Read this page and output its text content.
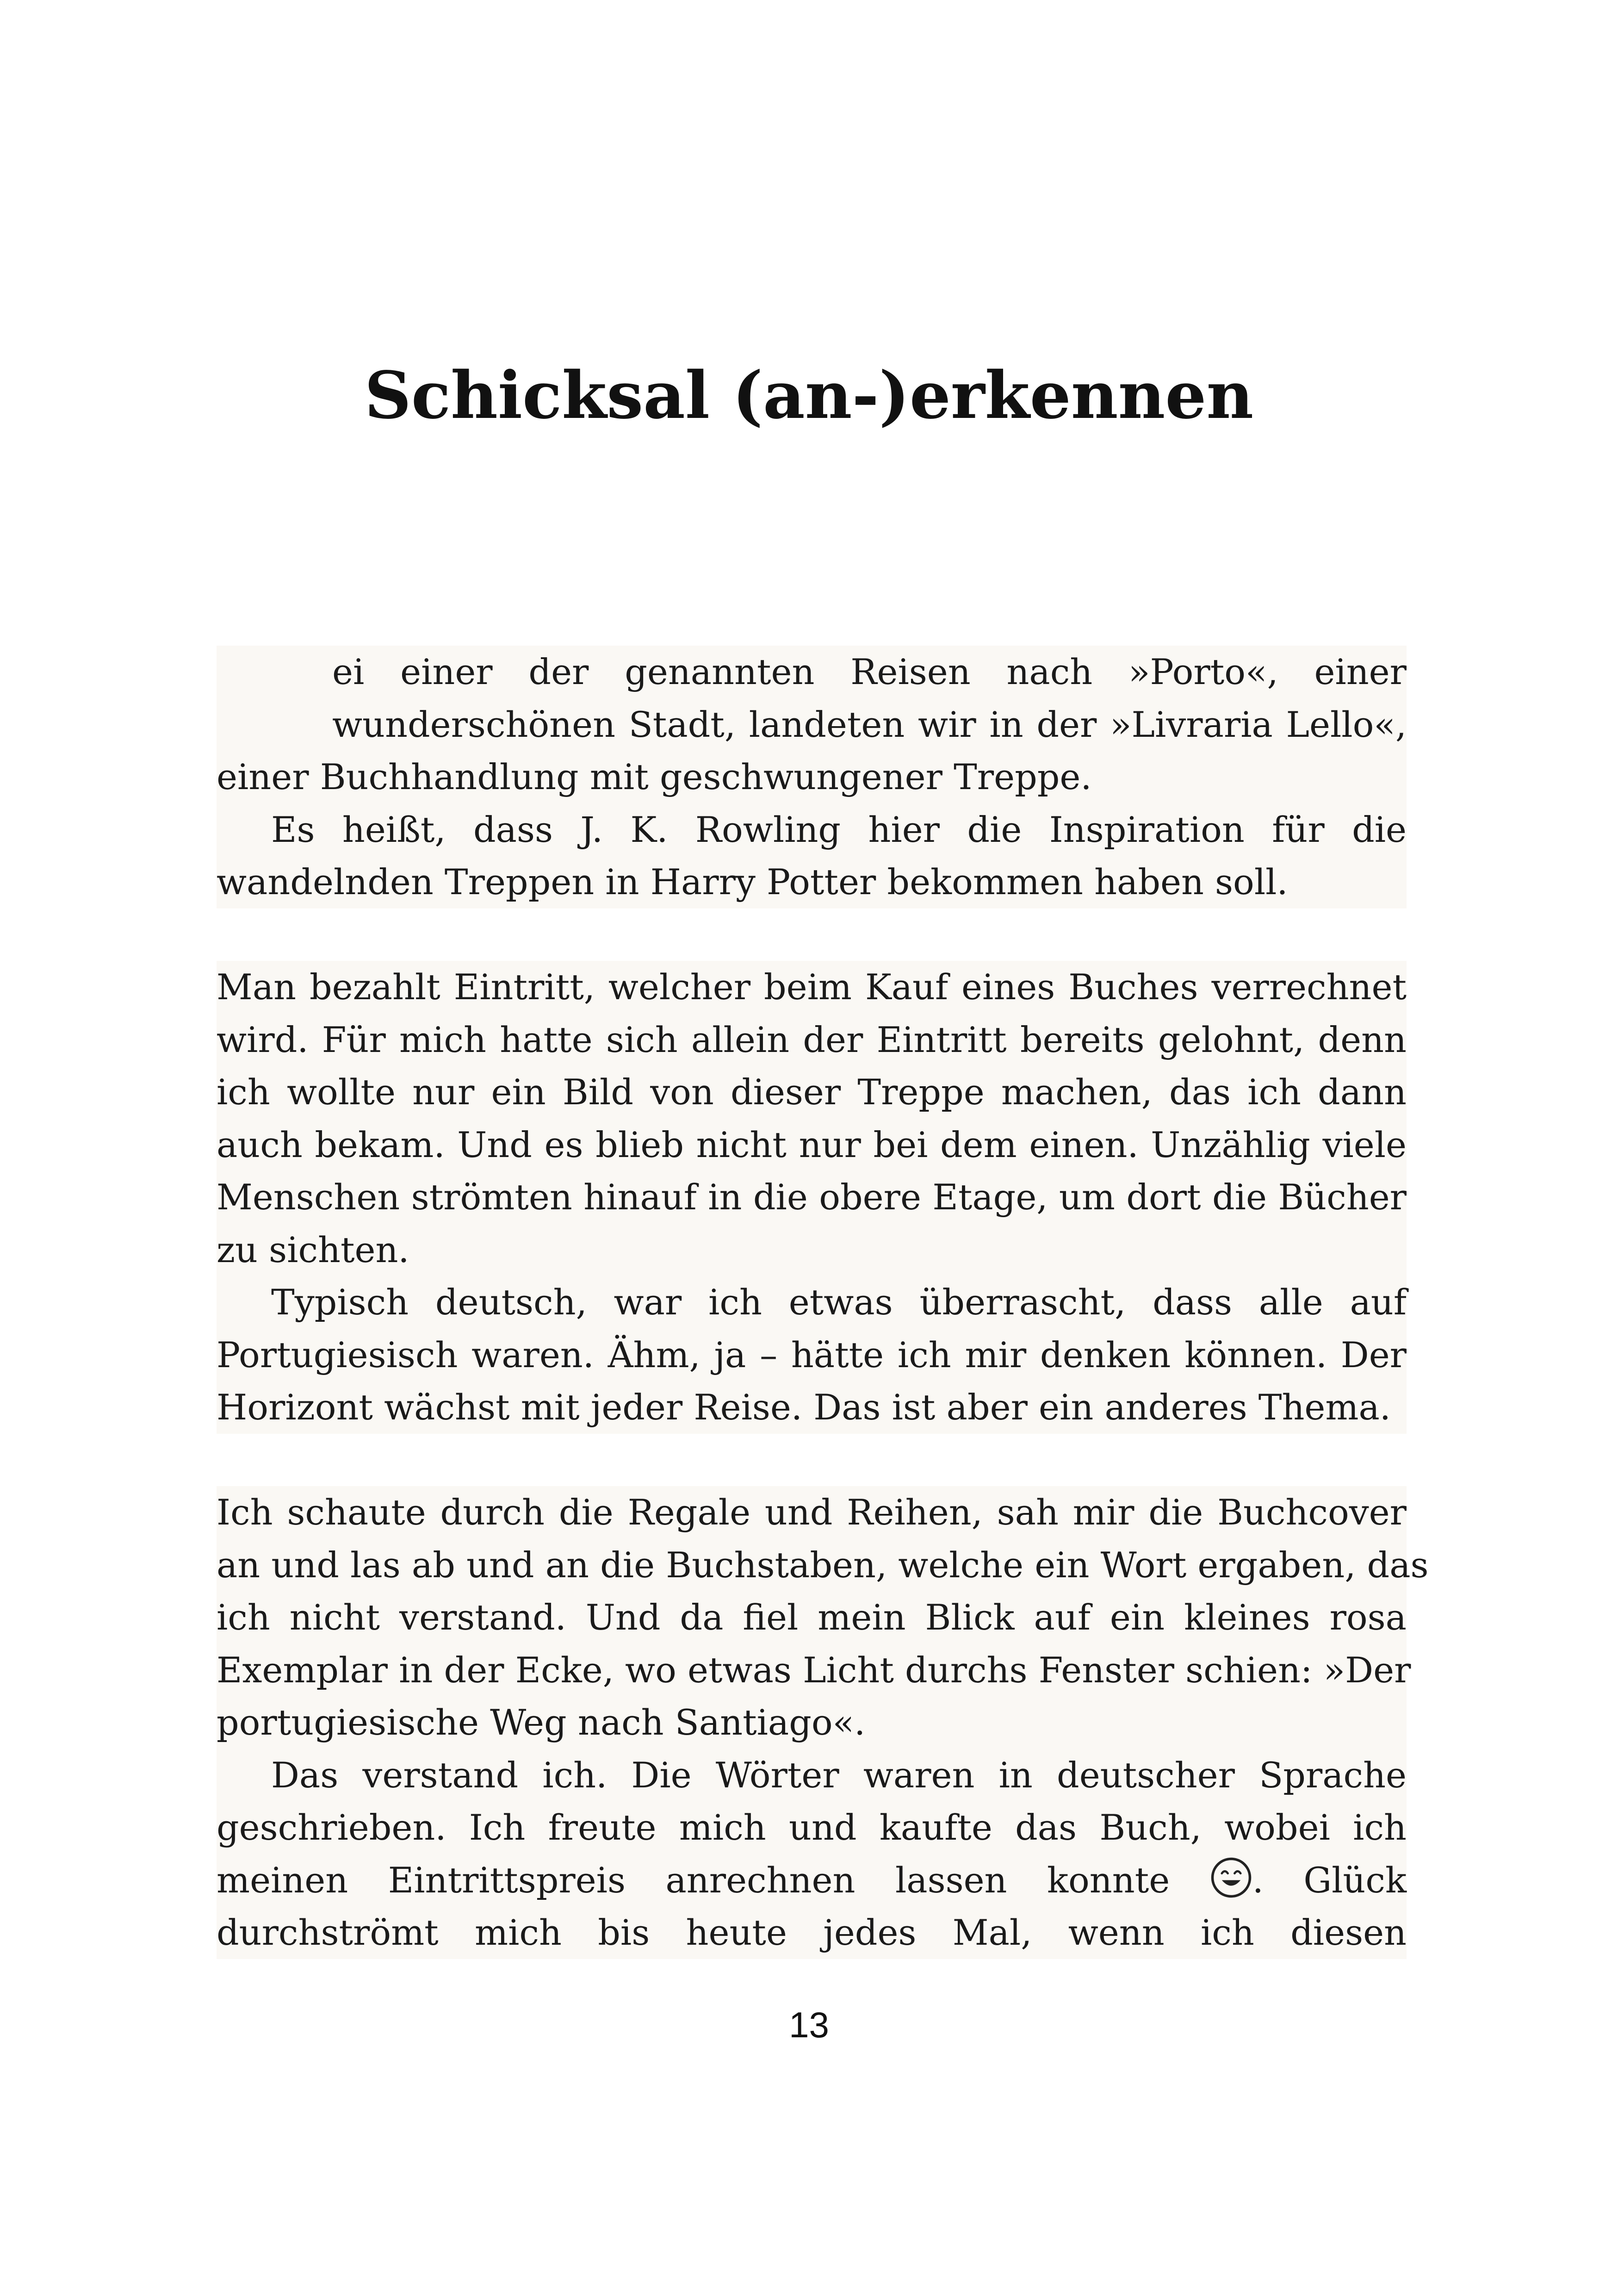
Schicksal (an-)erkennen

ei einer der genannten Reisen nach »Porto«, einer
wunderschönen Stadt, landeten wir in der »Livraria Lello«,
einer Buchhandlung mit geschwungener Treppe.

Es heißt, dass J. K. Rowling hier die Inspiration für die
wandelnden Treppen in Harry Potter bekommen haben soll.

Man bezahlt Eintritt, welcher beim Kauf eines Buches verrechnet
wird. Für mich hatte sich allein der Eintritt bereits gelohnt, denn
ich wollte nur ein Bild von dieser Treppe machen, das ich dann
auch bekam. Und es blieb nicht nur bei dem einen. Unzählig viele
Menschen strömten hinauf in die obere Etage, um dort die Bücher
zu sichten.

Typisch deutsch, war ich etwas überrascht, dass alle auf
Portugiesisch waren. Ähm, ja – hätte ich mir denken können. Der
Horizont wächst mit jeder Reise. Das ist aber ein anderes Thema.

Ich schaute durch die Regale und Reihen, sah mir die Buchcover
an und las ab und an die Buchstaben, welche ein Wort ergaben, das
ich nicht verstand. Und da fiel mein Blick auf ein kleines rosa
Exemplar in der Ecke, wo etwas Licht durchs Fenster schien: »Der
portugiesische Weg nach Santiago«.

Das verstand ich. Die Wörter waren in deutscher Sprache
geschrieben. Ich freute mich und kaufte das Buch, wobei ich
meinen Eintrittspreis anrechnen lassen konnte . Glück
durchströmt mich bis heute jedes Mal, wenn ich diesen

13
